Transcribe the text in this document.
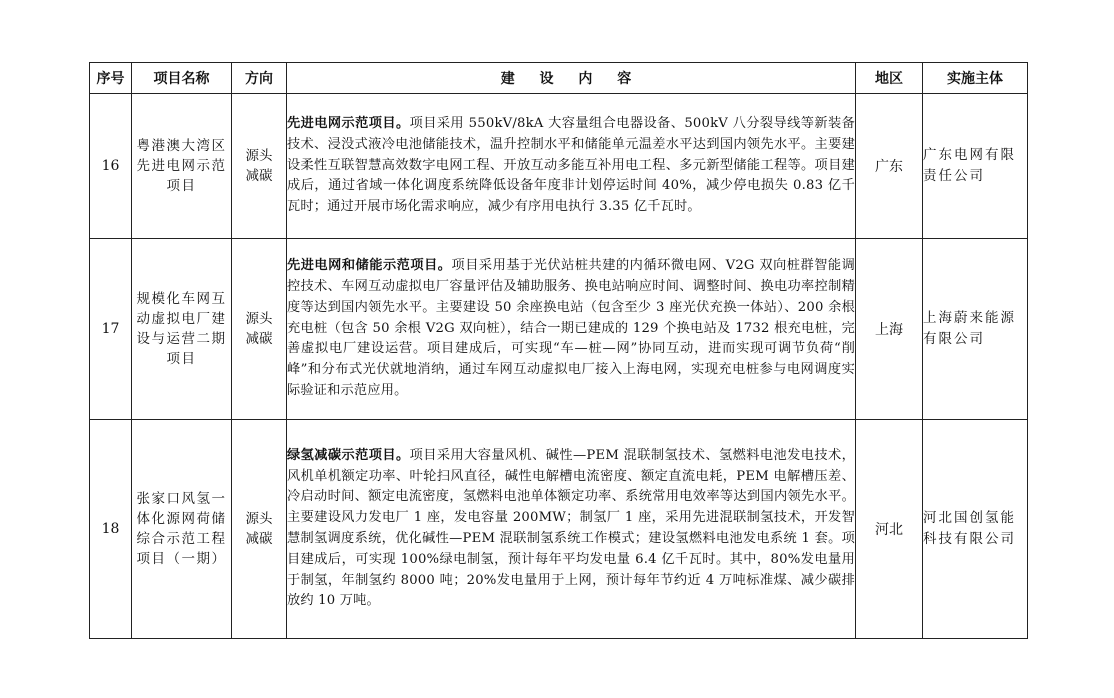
序号	项目名称	方向	建 设 内 容	地区	实施主体
16	粤港澳大湾区先进电网示范项目	源头减碳	先进电网示范项目。项目采用 550kV/8kA 大容量组合电器设备、500kV 八分裂导线等新装备技术、浸没式液冷电池储能技术，温升控制水平和储能单元温差水平达到国内领先水平。主要建设柔性互联智慧高效数字电网工程、开放互动多能互补用电工程、多元新型储能工程等。项目建成后，通过省域一体化调度系统降低设备年度非计划停运时间 40%，减少停电损失 0.83 亿千瓦时；通过开展市场化需求响应，减少有序用电执行 3.35 亿千瓦时。	广东	广东电网有限责任公司
17	规模化车网互动虚拟电厂建设与运营二期项目	源头减碳	先进电网和储能示范项目。项目采用基于光伏站桩共建的内循环微电网、V2G 双向桩群智能调控技术、车网互动虚拟电厂容量评估及辅助服务、换电站响应时间、调整时间、换电功率控制精度等达到国内领先水平。主要建设 50 余座换电站（包含至少 3 座光伏充换一体站）、200 余根充电桩（包含 50 余根 V2G 双向桩），结合一期已建成的 129 个换电站及 1732 根充电桩，完善虚拟电厂建设运营。项目建成后，可实现“车—桩—网”协同互动，进而实现可调节负荷“削峰”和分布式光伏就地消纳，通过车网互动虚拟电厂接入上海电网，实现充电桩参与电网调度实际验证和示范应用。	上海	上海蔚来能源有限公司
18	张家口风氢一体化源网荷储综合示范工程项目（一期）	源头减碳	绿氢减碳示范项目。项目采用大容量风机、碱性—PEM 混联制氢技术、氢燃料电池发电技术，风机单机额定功率、叶轮扫风直径，碱性电解槽电流密度、额定直流电耗，PEM 电解槽压差、冷启动时间、额定电流密度，氢燃料电池单体额定功率、系统常用电效率等达到国内领先水平。主要建设风力发电厂 1 座，发电容量 200MW；制氢厂 1 座，采用先进混联制氢技术，开发智慧制氢调度系统，优化碱性—PEM 混联制氢系统工作模式；建设氢燃料电池发电系统 1 套。项目建成后，可实现 100%绿电制氢，预计每年平均发电量 6.4 亿千瓦时。其中，80%发电量用于制氢，年制氢约 8000 吨；20%发电量用于上网，预计每年节约近 4 万吨标准煤、减少碳排放约 10 万吨。	河北	河北国创氢能科技有限公司
